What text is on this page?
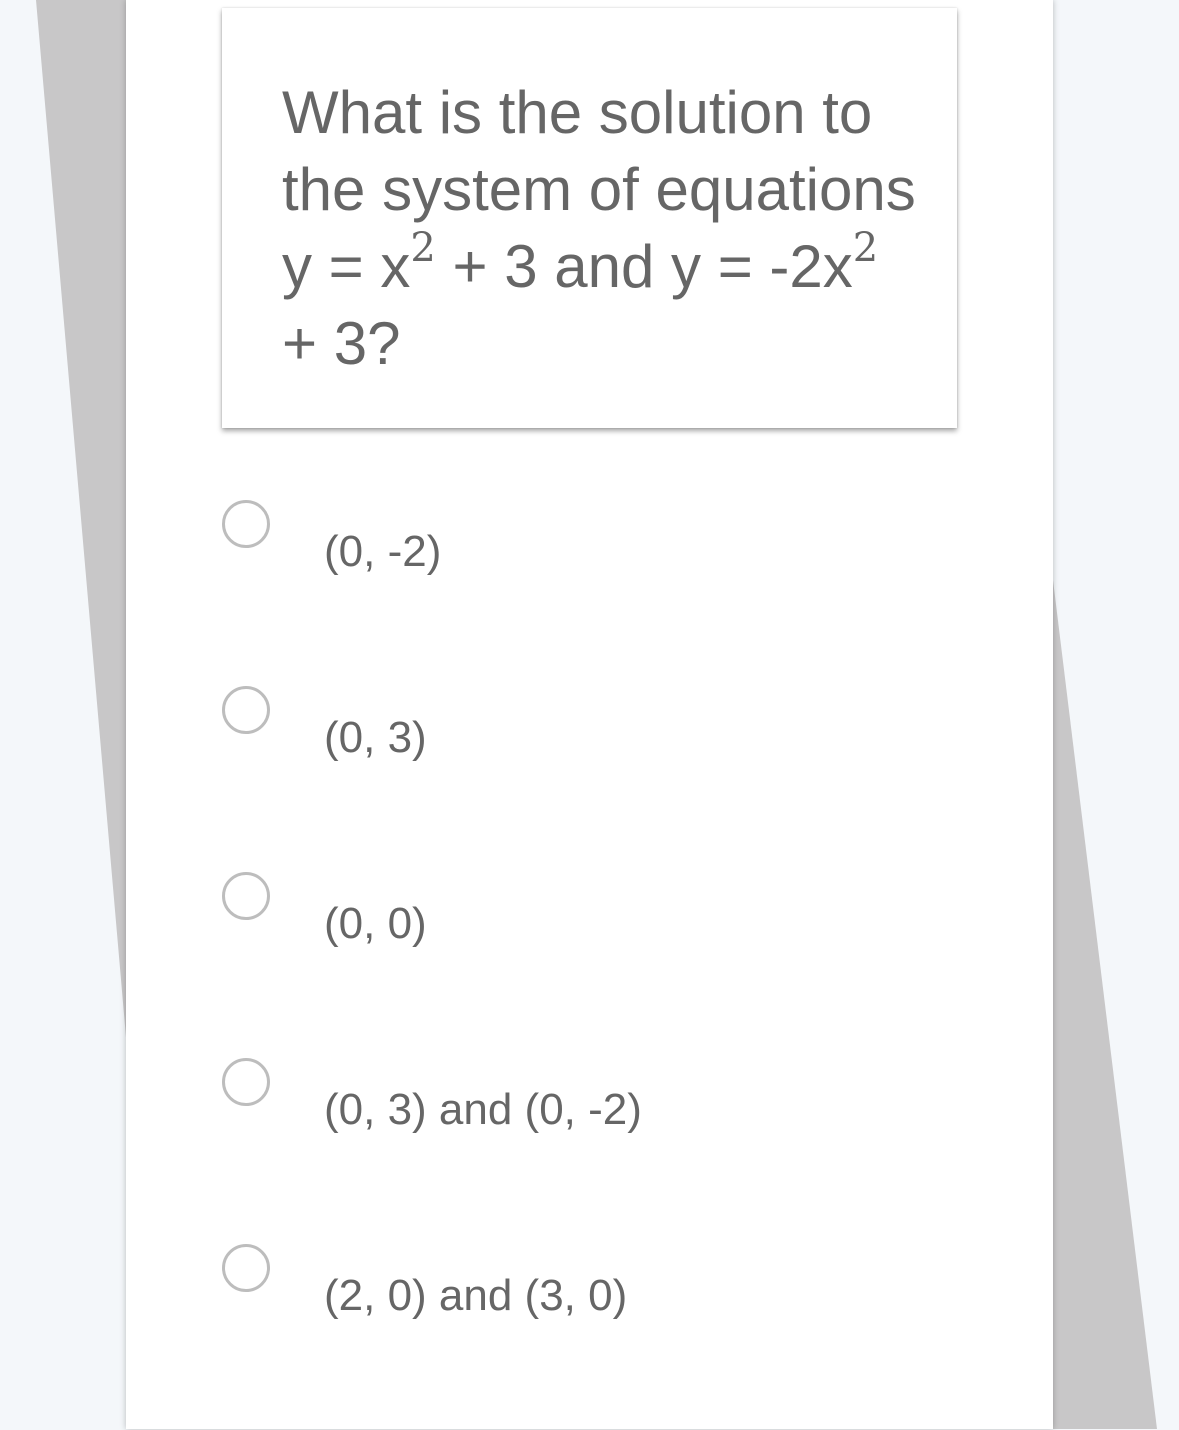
What is the solution to the system of equations $y = x^2 + 3$ and $y = -2x^2 + 3$?

(0, -2)
(0, 3)
(0, 0)
(0, 3) and (0, -2)
(2, 0) and (3, 0)
